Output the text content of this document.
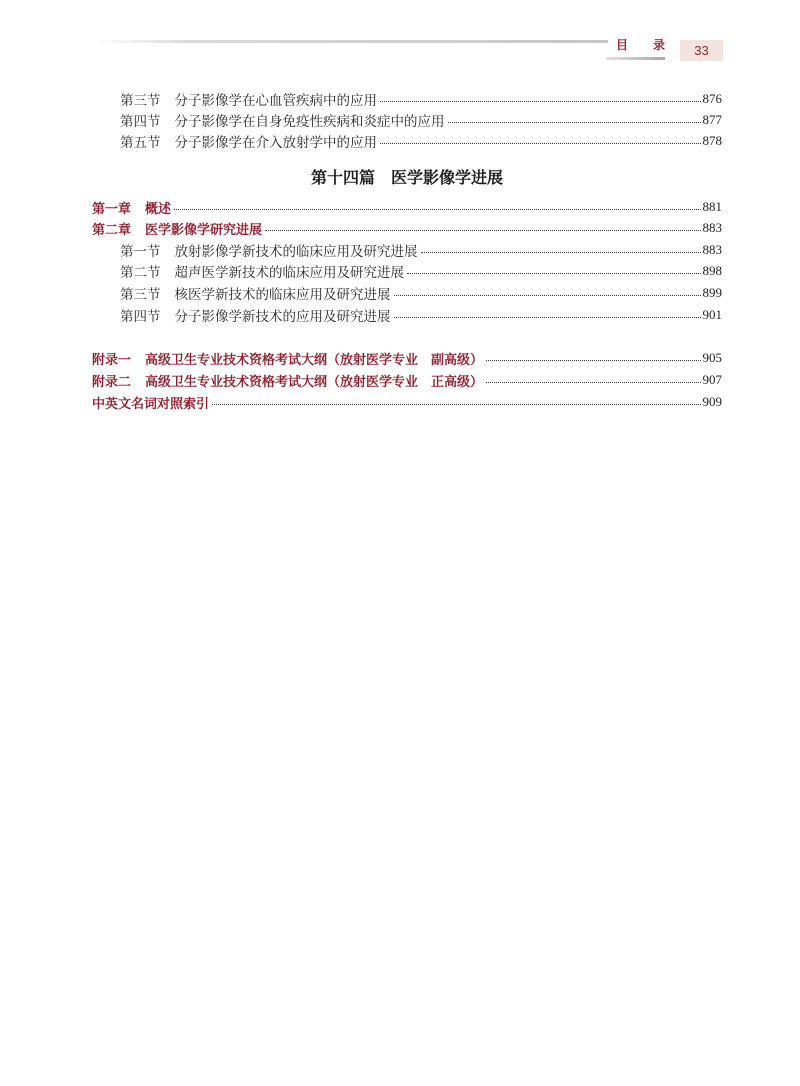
目 录	33
第三节 分子影像学在心血管疾病中的应用	876
第四节 分子影像学在自身免疫性疾病和炎症中的应用	877
第五节 分子影像学在介入放射学中的应用	878
第十四篇 医学影像学进展
第一章 概述	881
第二章 医学影像学研究进展	883
第一节 放射影像学新技术的临床应用及研究进展	883
第二节 超声医学新技术的临床应用及研究进展	898
第三节 核医学新技术的临床应用及研究进展	899
第四节 分子影像学新技术的应用及研究进展	901
附录一 高级卫生专业技术资格考试大纲（放射医学专业　副高级）	905
附录二 高级卫生专业技术资格考试大纲（放射医学专业　正高级）	907
中英文名词对照索引	909
